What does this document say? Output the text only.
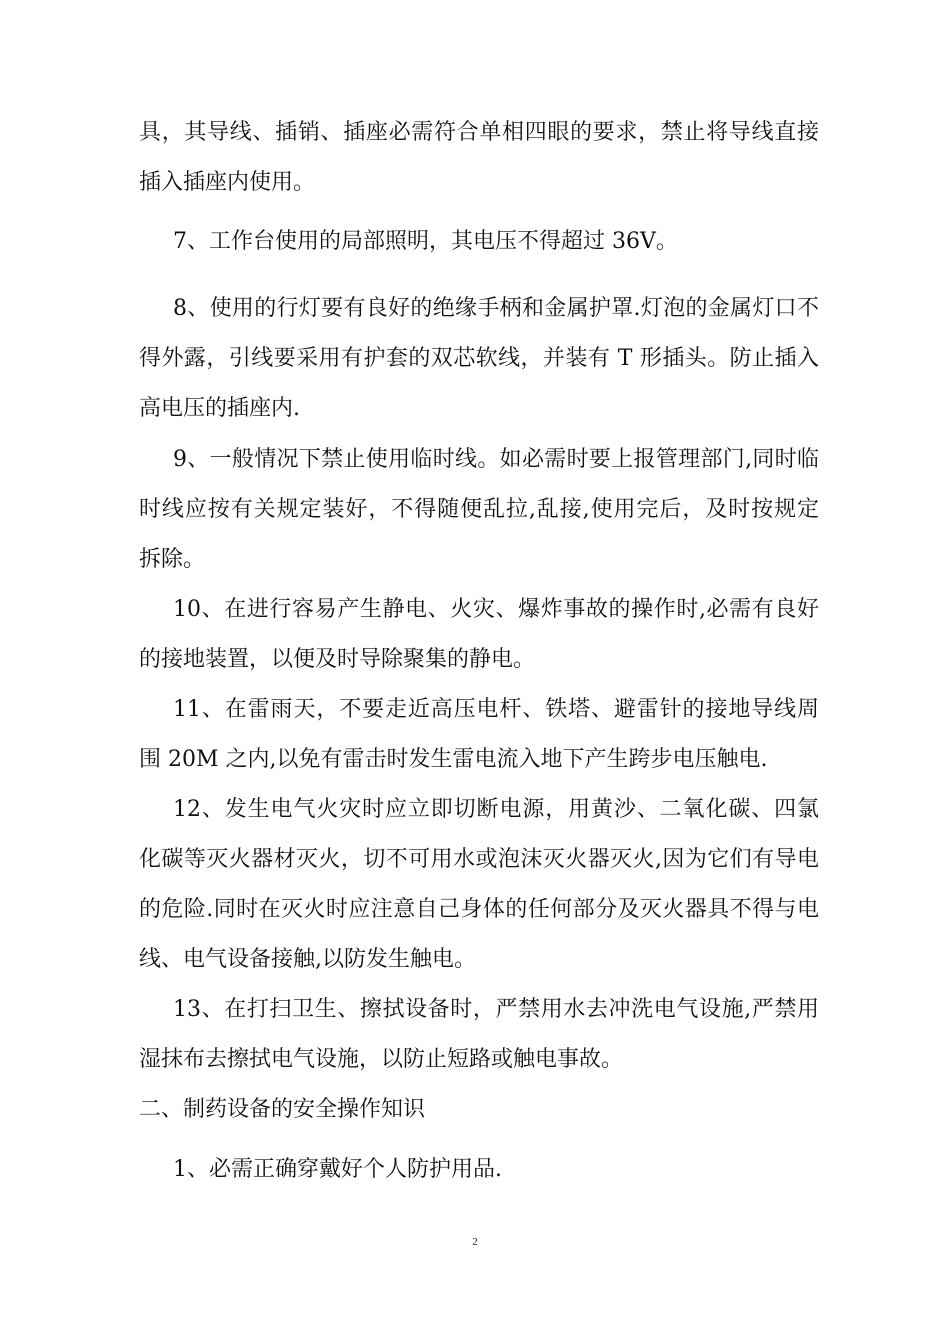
具，其导线、插销、插座必需符合单相四眼的要求，禁止将导线直接
插入插座内使用。
7、工作台使用的局部照明，其电压不得超过 36V。
8、使用的行灯要有良好的绝缘手柄和金属护罩.灯泡的金属灯口不
得外露，引线要采用有护套的双芯软线，并装有 T 形插头。防止插入
高电压的插座内.
9、一般情况下禁止使用临时线。如必需时要上报管理部门,同时临
时线应按有关规定装好，不得随便乱拉,乱接,使用完后，及时按规定
拆除。
10、在进行容易产生静电、火灾、爆炸事故的操作时,必需有良好
的接地装置，以便及时导除聚集的静电。
11、在雷雨天，不要走近高压电杆、铁塔、避雷针的接地导线周
围 20M 之内,以免有雷击时发生雷电流入地下产生跨步电压触电.
12、发生电气火灾时应立即切断电源，用黄沙、二氧化碳、四氯
化碳等灭火器材灭火，切不可用水或泡沫灭火器灭火,因为它们有导电
的危险.同时在灭火时应注意自己身体的任何部分及灭火器具不得与电
线、电气设备接触,以防发生触电。
13、在打扫卫生、擦拭设备时，严禁用水去冲洗电气设施,严禁用
湿抹布去擦拭电气设施，以防止短路或触电事故。
二、制药设备的安全操作知识
1、必需正确穿戴好个人防护用品.
2
